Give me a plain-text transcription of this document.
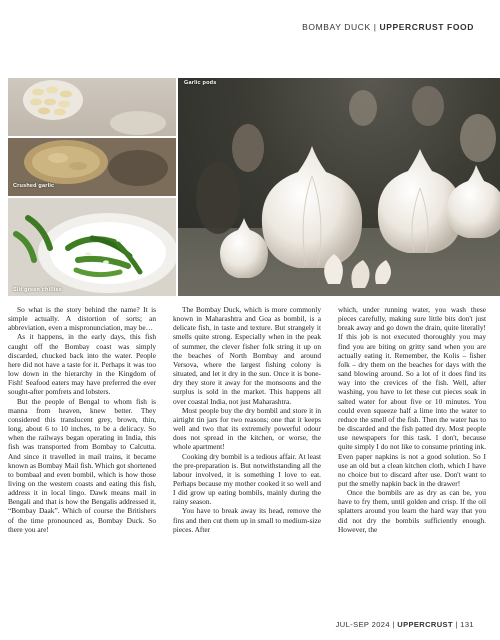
BOMBAY DUCK | UPPERCRUST FOOD
Crushed garlic
Slit green chillies
Garlic pods

So what is the story behind the name? It is simple actually. A distortion of sorts; an abbreviation, even a mispronunciation, may be…

As it happens, in the early days, this fish caught off the Bombay coast was simply discarded, chucked back into the water. People here did not have a taste for it. Perhaps it was too low down in the hierarchy in the Kingdom of Fish! Seafood eaters may have preferred the ever sought-after pomfrets and lobsters.

But the people of Bengal to whom fish is manna from heaven, knew better. They considered this translucent grey, brown, thin, long, about 6 to 10 inches, to be a delicacy. So when the railways began operating in India, this fish was transported from Bombay to Calcutta. And since it travelled in mail trains, it became known as Bombay Mail fish. Which got shortened to bombaal and even bombil, which is how those living on the western coasts and eating this fish, address it in local lingo. Dawk means mail in Bengali and that is how the Bengalis addressed it, “Bombay Daak”. Which of course the Britishers of the time pronounced as, Bombay Duck. So there you are!

The Bombay Duck, which is more commonly known in Maharashtra and Goa as bombil, is a delicate fish, in taste and texture. But strangely it smells quite strong. Especially when in the peak of summer, the clever fisher folk string it up on the beaches of North Bombay and around Versova, where the largest fishing colony is situated, and let it dry in the sun. Once it is bone-dry they store it away for the monsoons and the surplus is sold in the market. This happens all over coastal India, not just Maharashtra.

Most people buy the dry bombil and store it in airtight tin jars for two reasons; one that it keeps well and two that its extremely powerful odour does not spread in the kitchen, or worse, the whole apartment!

Cooking dry bombil is a tedious affair. At least the pre-preparation is. But notwithstanding all the labour involved, it is something I love to eat. Perhaps because my mother cooked it so well and I did grow up eating bombils, mainly during the rainy season.

You have to break away its head, remove the fins and then cut them up in small to medium-size pieces. After

which, under running water, you wash these pieces carefully, making sure little bits don't just break away and go down the drain, quite literally! If this job is not executed thoroughly you may find you are biting on gritty sand when you are actually eating it. Remember, the Kolis – fisher folk – dry them on the beaches for days with the sand blowing around. So a lot of it does find its way into the crevices of the fish. Well, after washing, you have to let these cut pieces soak in salted water for about five or 10 minutes. You could even squeeze half a lime into the water to reduce the smell of the fish. Then the water has to be discarded and the fish patted dry. Most people use newspapers for this task. I don't, because quite simply I do not like to consume printing ink. Even paper napkins is not a good solution. So I use an old but a clean kitchen cloth, which I have no choice but to discard after use. Don't want to put the smelly napkin back in the drawer!

Once the bombils are as dry as can be, you have to fry them, until golden and crisp. If the oil splatters around you learn the hard way that you did not dry the bombils sufficiently enough. However, the

JUL-SEP 2024 | UPPERCRUST | 131
